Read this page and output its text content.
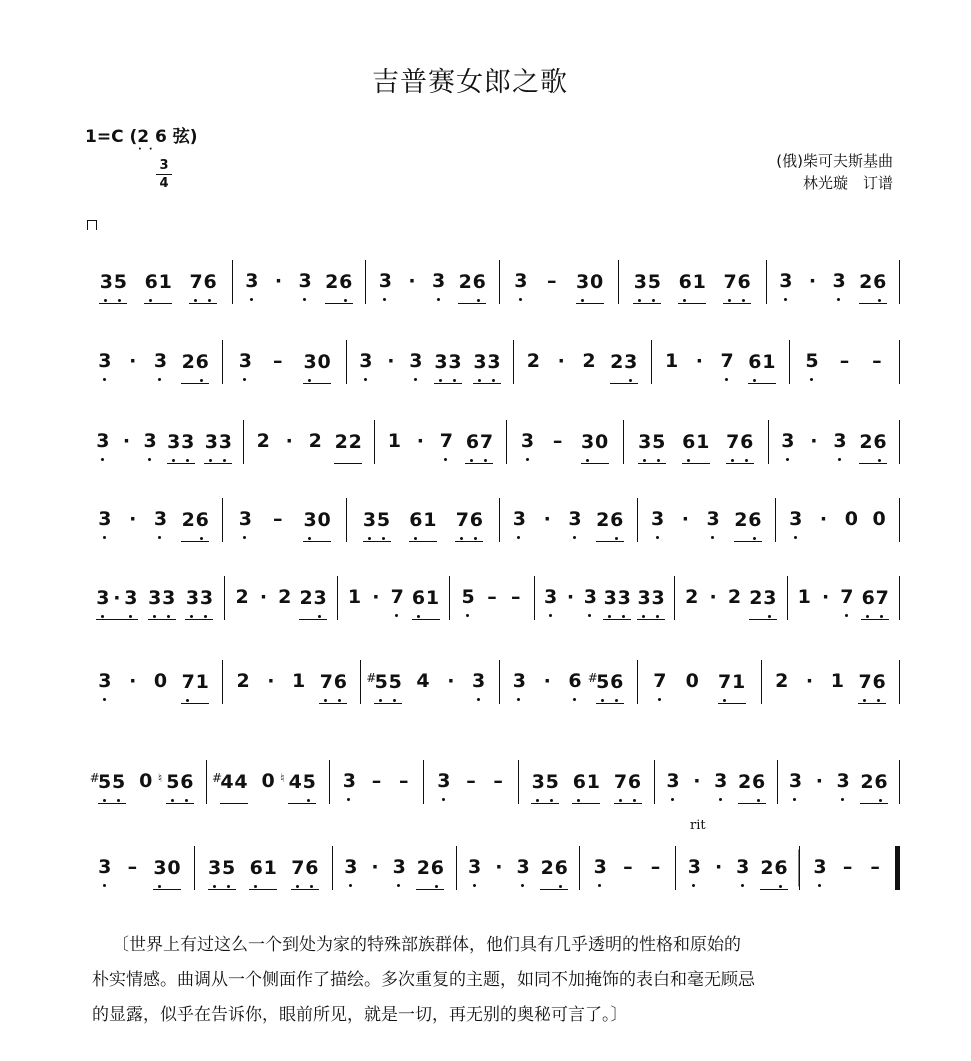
吉普赛女郎之歌
1=C (2 6 弦)
··
3
4
(俄)柴可夫斯基曲
林光璇　订谱
3 5 6 1 7 6 3 · 3 2 6 3 · 3 2 6 3 – 3 0 3 5 6 1 7 6 3 · 3 2 6
3 · 3 2 6 3 – 3 0 3 · 3 3 3 3 3 2 · 2 2 3 1 · 7 6 1 5 – –
3 · 3 3 3 3 3 2 · 2 2 2 1 · 7 6 7 3 – 3 0 3 5 6 1 7 6 3 · 3 2 6
3 · 3 2 6 3 – 3 0 3 5 6 1 7 6 3 · 3 2 6 3 · 3 2 6 3 · 0 0
3 · 3 3 3 3 3 2 · 2 2 3 1 · 7 6 1 5 – – 3 · 3 3 3 3 3 2 · 2 2 3 1 · 7 6 7
3 · 0 7 1 2 · 1 7 6 5
# 5 4 · 3 3 · 6 5
# 6 7 0 7 1 2 · 1 7 6
5
# 5 0 5
♮ 6 4
# 4 0 4
♮ 5 3 – – 3 – – 3 5 6 1 7 6 3 · 3 2 6 3 · 3 2 6
3 – 3 0 3 5 6 1 7 6 3 · 3 2 6 3 · 3 2 6 3 – – 3 · 3 2 6 3 – –

〔世界上有过这么一个到处为家的特殊部族群体，他们具有几乎透明的性格和原始的

朴实情感。曲调从一个侧面作了描绘。多次重复的主题，如同不加掩饰的表白和毫无顾忌

的显露，似乎在告诉你，眼前所见，就是一切，再无别的奥秘可言了。〕

rit
